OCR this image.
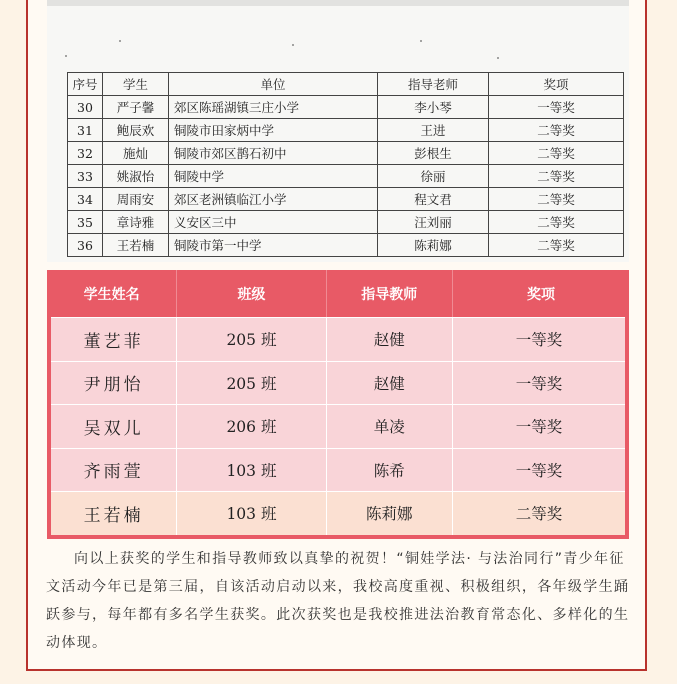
序号	学生	单位	指导老师	奖项
30	严子馨	郊区陈瑶湖镇三庄小学	李小琴	一等奖
31	鲍辰欢	铜陵市田家炳中学	王进	二等奖
32	施灿	铜陵市郊区鹊石初中	彭根生	二等奖
33	姚淑怡	铜陵中学	徐丽	二等奖
34	周雨安	郊区老洲镇临江小学	程文君	二等奖
35	章诗雅	义安区三中	汪刘丽	二等奖
36	王若楠	铜陵市第一中学	陈莉娜	二等奖
学生姓名	班级	指导教师	奖项
董艺菲	205 班	赵健	一等奖
尹朋怡	205 班	赵健	一等奖
吴双儿	206 班	单凌	一等奖
齐雨萱	103 班	陈希	一等奖
王若楠	103 班	陈莉娜	二等奖

向以上获奖的学生和指导教师致以真挚的祝贺！“铜娃学法· 与法治同行”青少年征文活动今年已是第三届，自该活动启动以来，我校高度重视、积极组织，各年级学生踊跃参与，每年都有多名学生获奖。此次获奖也是我校推进法治教育常态化、多样化的生动体现。
